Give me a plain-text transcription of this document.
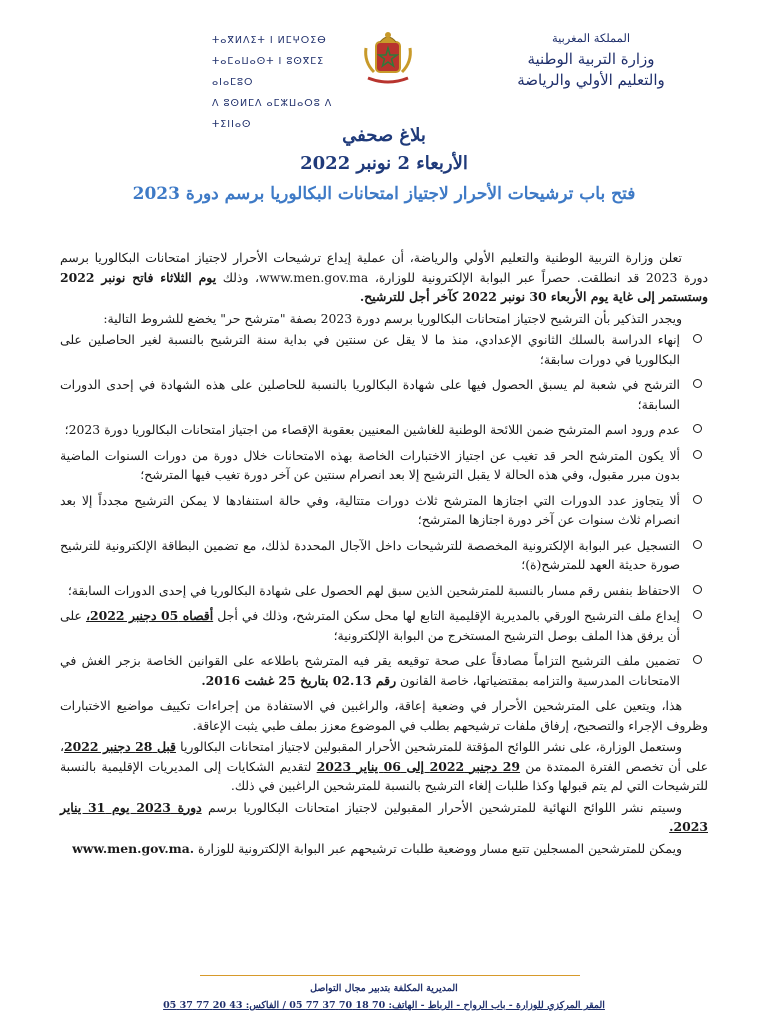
المملكة المغربية
وزارة التربية الوطنية
والتعليم الأولي والرياضة
ⵜⴰⴳⵍⴷⵉⵜ ⵏ ⵍⵎⵖⵔⵉⴱ
ⵜⴰⵎⴰⵡⴰⵙⵜ ⵏ ⵓⵙⴳⵎⵉ ⴰⵏⴰⵎⵓⵔ
ⴷ ⵓⵙⵍⵎⴷ ⴰⵎⵣⵡⴰⵔⵓ ⴷ ⵜⵉⵏⵏⴰⵙ
بلاغ صحفي
الأربعاء 2 نونبر 2022
فتح باب ترشيحات الأحرار لاجتياز امتحانات البكالوريا برسم دورة 2023

تعلن وزارة التربية الوطنية والتعليم الأولي والرياضة، أن عملية إيداع ترشيحات الأحرار لاجتياز امتحانات البكالوريا برسم دورة 2023 قد انطلقت. حصراً عبر البوابة الإلكترونية للوزارة، www.men.gov.ma، وذلك يوم الثلاثاء فاتح نونبر 2022 وستستمر إلى غاية يوم الأربعاء 30 نونبر 2022 كآخر أجل للترشيح.

ويجدر التذكير بأن الترشيح لاجتياز امتحانات البكالوريا برسم دورة 2023 بصفة "مترشح حر" يخضع للشروط التالية:

إنهاء الدراسة بالسلك الثانوي الإعدادي، منذ ما لا يقل عن سنتين في بداية سنة الترشيح بالنسبة لغير الحاصلين على البكالوريا في دورات سابقة؛
الترشح في شعبة لم يسبق الحصول فيها على شهادة البكالوريا بالنسبة للحاصلين على هذه الشهادة في إحدى الدورات السابقة؛
عدم ورود اسم المترشح ضمن اللائحة الوطنية للغاشين المعنيين بعقوبة الإقصاء من اجتياز امتحانات البكالوريا دورة 2023؛
ألا يكون المترشح الحر قد تغيب عن اجتياز الاختبارات الخاصة بهذه الامتحانات خلال دورة من دورات السنوات الماضية بدون مبرر مقبول، وفي هذه الحالة لا يقبل الترشيح إلا بعد انصرام سنتين عن آخر دورة تغيب فيها المترشح؛
ألا يتجاوز عدد الدورات التي اجتازها المترشح ثلاث دورات متتالية، وفي حالة استنفادها لا يمكن الترشيح مجدداً إلا بعد انصرام ثلاث سنوات عن آخر دورة اجتازها المترشح؛
التسجيل عبر البوابة الإلكترونية المخصصة للترشيحات داخل الآجال المحددة لذلك، مع تضمين البطاقة الإلكترونية للترشيح صورة حديثة العهد للمترشح(ة)؛
الاحتفاظ بنفس رقم مسار بالنسبة للمترشحين الذين سبق لهم الحصول على شهادة البكالوريا في إحدى الدورات السابقة؛
إيداع ملف الترشيح الورقي بالمديرية الإقليمية التابع لها محل سكن المترشح، وذلك في أجل أقصاه 05 دجنبر 2022، على أن يرفق هذا الملف بوصل الترشيح المستخرج من البوابة الإلكترونية؛
تضمين ملف الترشيح التزاماً مصادقاً على صحة توقيعه يقر فيه المترشح باطلاعه على القوانين الخاصة بزجر الغش في الامتحانات المدرسية والتزامه بمقتضياتها، خاصة القانون رقم 02.13 بتاريخ 25 غشت 2016.

هذا، ويتعين على المترشحين الأحرار في وضعية إعاقة، والراغبين في الاستفادة من إجراءات تكييف مواضيع الاختبارات وظروف الإجراء والتصحيح، إرفاق ملفات ترشيحهم بطلب في الموضوع معزز بملف طبي يثبت الإعاقة.

وستعمل الوزارة، على نشر اللوائح المؤقتة للمترشحين الأحرار المقبولين لاجتياز امتحانات البكالوريا قبل 28 دجنبر 2022، على أن تخصص الفترة الممتدة من 29 دجنبر 2022 إلى 06 يناير 2023 لتقديم الشكايات إلى المديريات الإقليمية بالنسبة للترشيحات التي لم يتم قبولها وكذا طلبات إلغاء الترشيح بالنسبة للمترشحين الراغبين في ذلك.

وسيتم نشر اللوائح النهائية للمترشحين الأحرار المقبولين لاجتياز امتحانات البكالوريا برسم دورة 2023 يوم 31 يناير 2023.

ويمكن للمترشحين المسجلين تتبع مسار ووضعية طلبات ترشيحهم عبر البوابة الإلكترونية للوزارة www.men.gov.ma.

المديرية المكلفة بتدبير مجال التواصل
المقر المركزي للوزارة - باب الرواح - الرباط - الهاتف: 70 18 70 37 77 05 / الفاكس: 43 20 77 37 05
